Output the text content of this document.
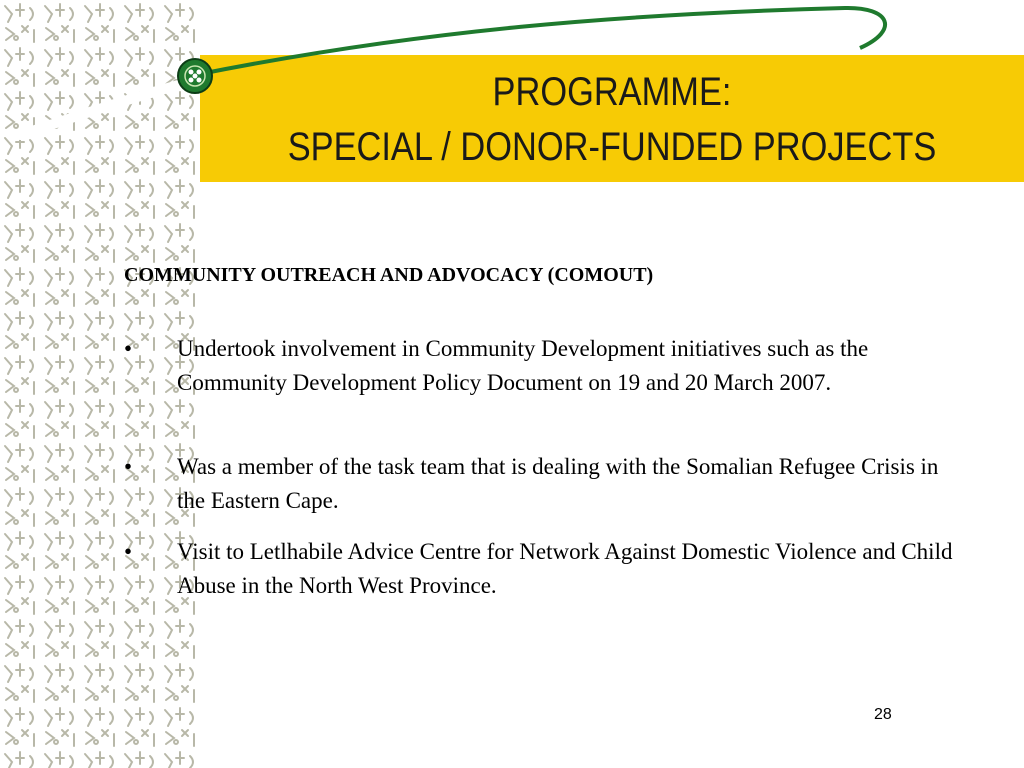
PROGRAMME:
SPECIAL / DONOR-FUNDED PROJECTS
COMMUNITY OUTREACH AND ADVOCACY (COMOUT)
•	Undertook involvement in Community Development initiatives such as the Community Development Policy Document on 19 and 20 March 2007.
•	Was a member of the task team that is dealing with the Somalian Refugee Crisis in the Eastern Cape.
•	Visit to Letlhabile Advice Centre for Network Against Domestic Violence and Child Abuse in the North West Province.
28
